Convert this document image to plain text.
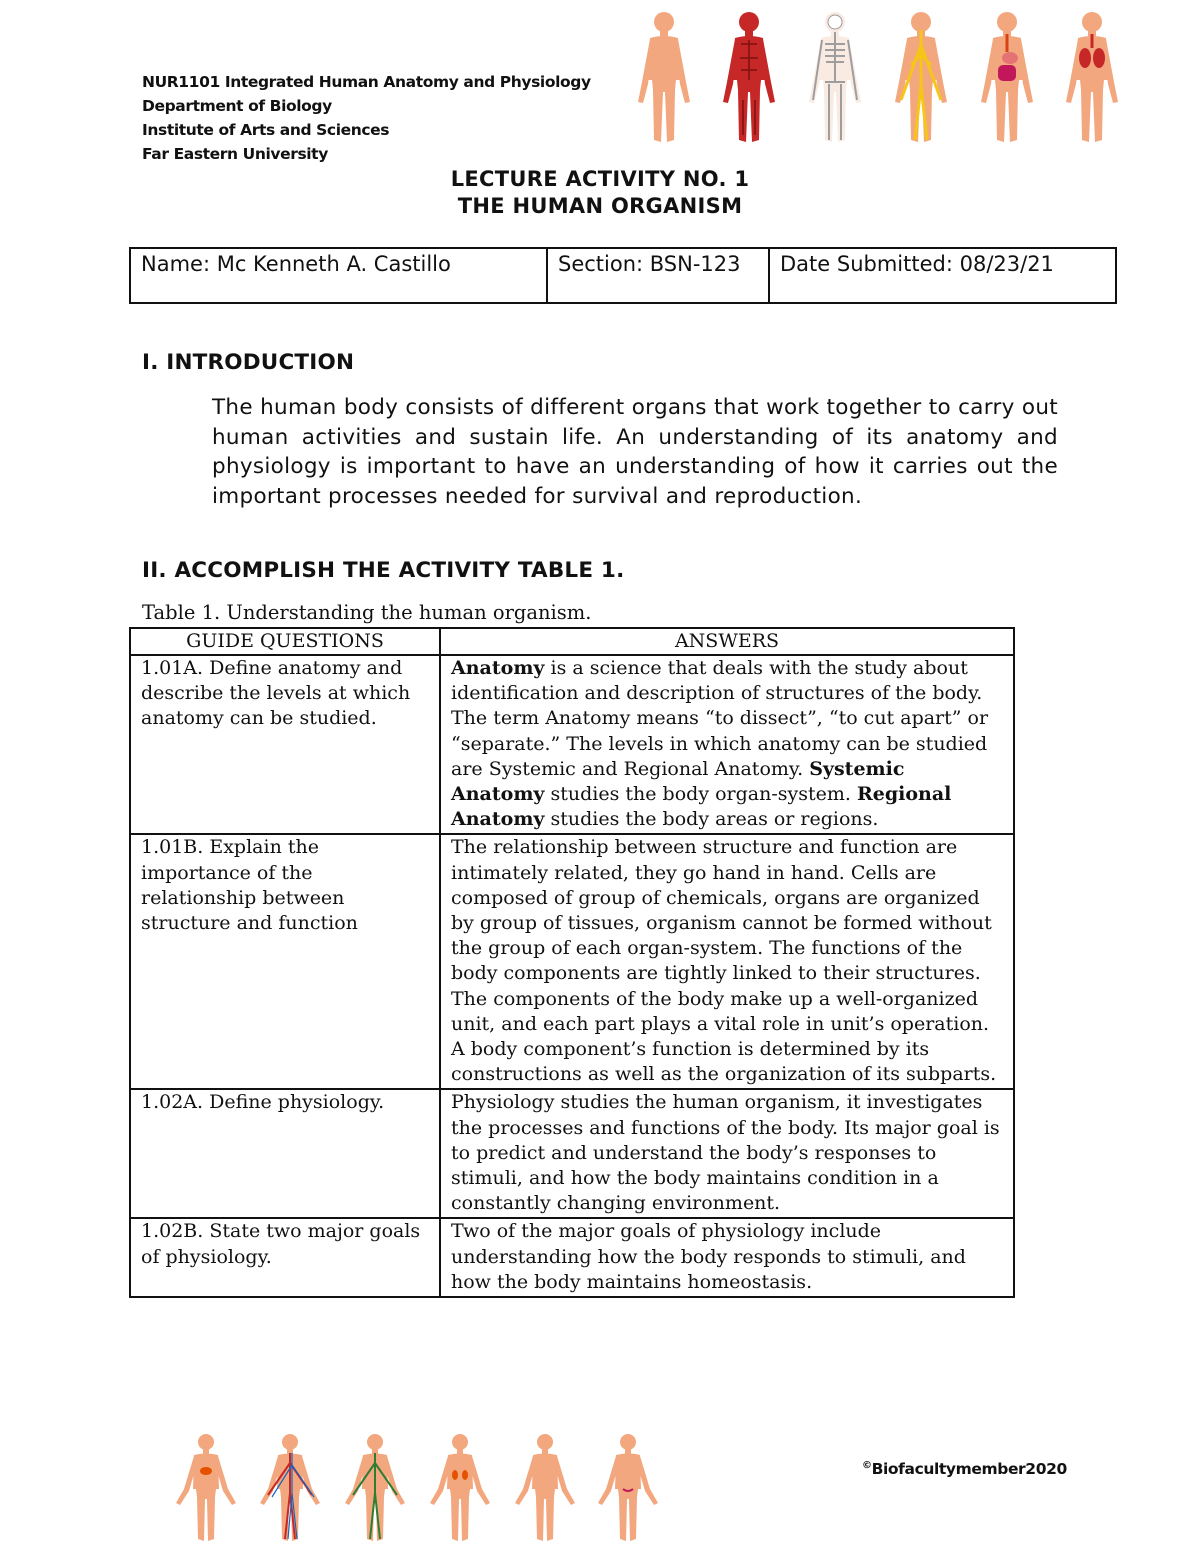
NUR1101 Integrated Human Anatomy and Physiology
Department of Biology
Institute of Arts and Sciences
Far Eastern University
LECTURE ACTIVITY NO. 1
THE HUMAN ORGANISM
Name: Mc Kenneth A. Castillo	Section: BSN-123	Date Submitted: 08/23/21
I. INTRODUCTION
The human body consists of different organs that work together to carry out human activities and sustain life. An understanding of its anatomy and physiology is important to have an understanding of how it carries out the important processes needed for survival and reproduction.
II. ACCOMPLISH THE ACTIVITY TABLE 1.
Table 1. Understanding the human organism.
GUIDE QUESTIONS	ANSWERS
1.01A. Define anatomy and describe the levels at which anatomy can be studied.	Anatomy is a science that deals with the study about identification and description of structures of the body. The term Anatomy means “to dissect”, “to cut apart” or “separate.” The levels in which anatomy can be studied are Systemic and Regional Anatomy. Systemic Anatomy studies the body organ-system. Regional Anatomy studies the body areas or regions.
1.01B. Explain the importance of the relationship between structure and function	The relationship between structure and function are intimately related, they go hand in hand. Cells are composed of group of chemicals, organs are organized by group of tissues, organism cannot be formed without the group of each organ-system. The functions of the body components are tightly linked to their structures. The components of the body make up a well-organized unit, and each part plays a vital role in unit’s operation. A body component’s function is determined by its constructions as well as the organization of its subparts.
1.02A. Define physiology.	Physiology studies the human organism, it investigates the processes and functions of the body. Its major goal is to predict and understand the body’s responses to stimuli, and how the body maintains condition in a constantly changing environment.
1.02B. State two major goals of physiology.	Two of the major goals of physiology include understanding how the body responds to stimuli, and how the body maintains homeostasis.
©Biofacultymember2020
